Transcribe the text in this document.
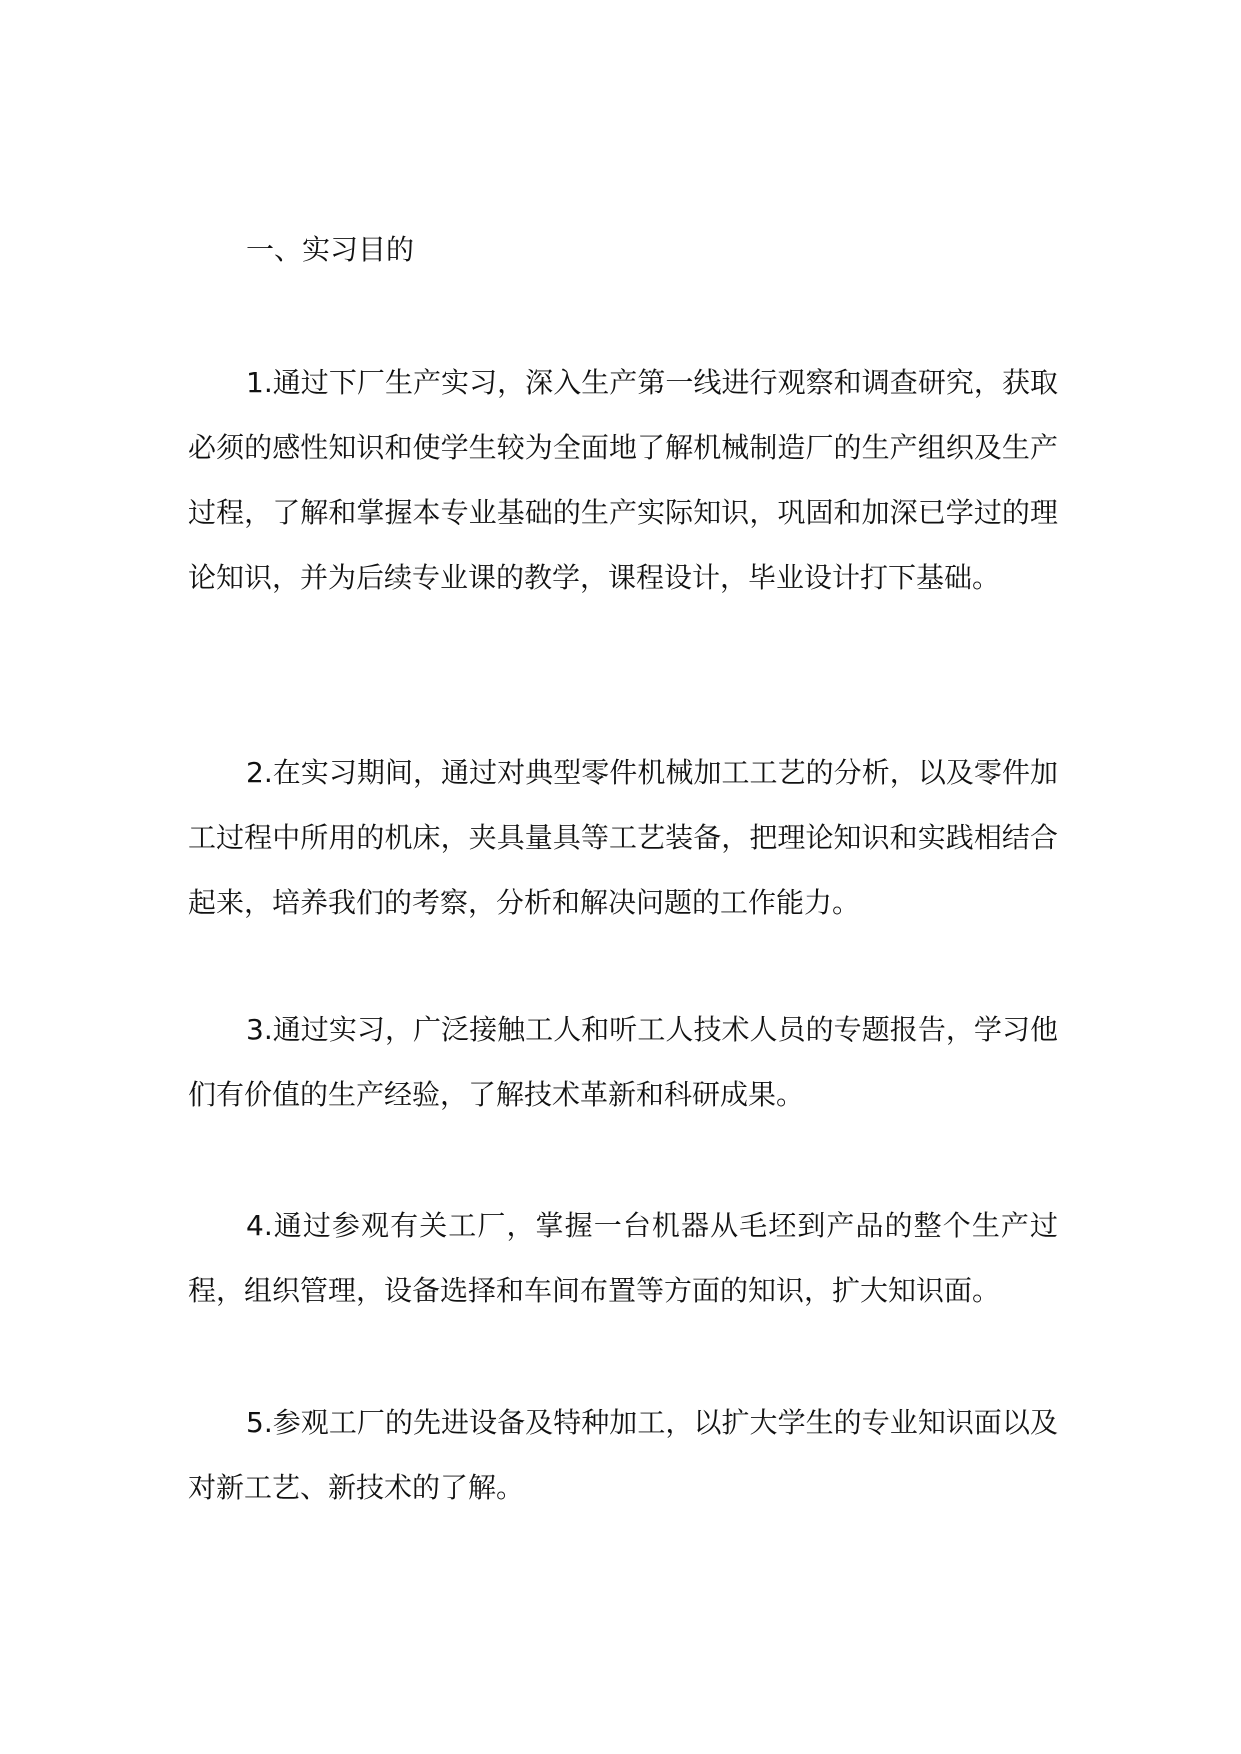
一、实习目的

1.通过下厂生产实习，深入生产第一线进行观察和调查研究，获取必须的感性知识和使学生较为全面地了解机械制造厂的生产组织及生产过程，了解和掌握本专业基础的生产实际知识，巩固和加深已学过的理论知识，并为后续专业课的教学，课程设计，毕业设计打下基础。

2.在实习期间，通过对典型零件机械加工工艺的分析，以及零件加工过程中所用的机床，夹具量具等工艺装备，把理论知识和实践相结合起来，培养我们的考察，分析和解决问题的工作能力。

3.通过实习，广泛接触工人和听工人技术人员的专题报告，学习他们有价值的生产经验，了解技术革新和科研成果。

4.通过参观有关工厂，掌握一台机器从毛坯到产品的整个生产过程，组织管理，设备选择和车间布置等方面的知识，扩大知识面。

5.参观工厂的先进设备及特种加工，以扩大学生的专业知识面以及对新工艺、新技术的了解。
